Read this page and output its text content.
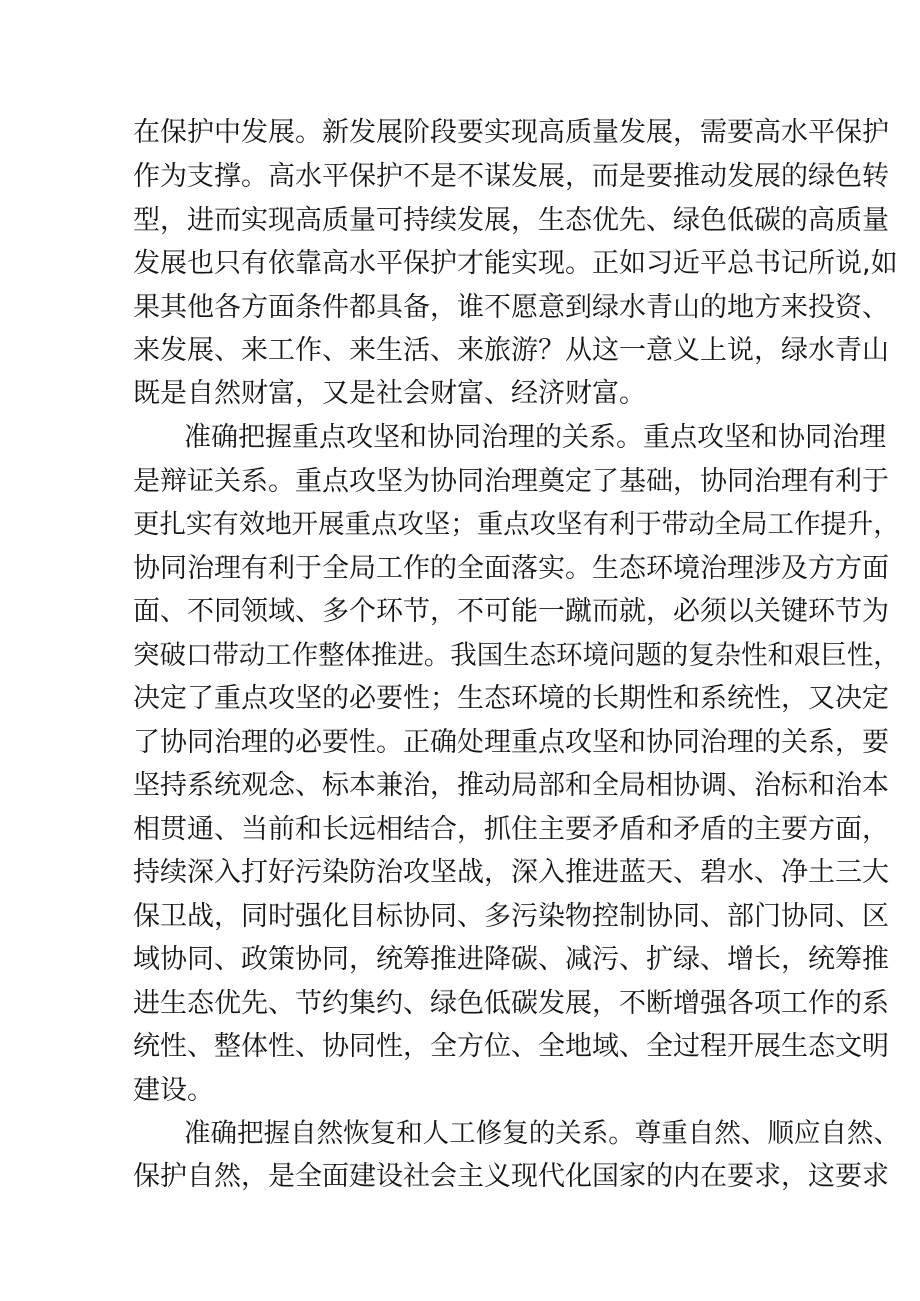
在保护中发展。新发展阶段要实现高质量发展，需要高水平保护
作为支撑。高水平保护不是不谋发展，而是要推动发展的绿色转
型，进而实现高质量可持续发展，生态优先、绿色低碳的高质量
发展也只有依靠高水平保护才能实现。正如习近平总书记所说,如
果其他各方面条件都具备，谁不愿意到绿水青山的地方来投资、
来发展、来工作、来生活、来旅游？从这一意义上说，绿水青山
既是自然财富，又是社会财富、经济财富。
准确把握重点攻坚和协同治理的关系。重点攻坚和协同治理
是辩证关系。重点攻坚为协同治理奠定了基础，协同治理有利于
更扎实有效地开展重点攻坚；重点攻坚有利于带动全局工作提升，
协同治理有利于全局工作的全面落实。生态环境治理涉及方方面
面、不同领域、多个环节，不可能一蹴而就，必须以关键环节为
突破口带动工作整体推进。我国生态环境问题的复杂性和艰巨性，
决定了重点攻坚的必要性；生态环境的长期性和系统性，又决定
了协同治理的必要性。正确处理重点攻坚和协同治理的关系，要
坚持系统观念、标本兼治，推动局部和全局相协调、治标和治本
相贯通、当前和长远相结合，抓住主要矛盾和矛盾的主要方面，
持续深入打好污染防治攻坚战，深入推进蓝天、碧水、净土三大
保卫战，同时强化目标协同、多污染物控制协同、部门协同、区
域协同、政策协同，统筹推进降碳、减污、扩绿、增长，统筹推
进生态优先、节约集约、绿色低碳发展，不断增强各项工作的系
统性、整体性、协同性，全方位、全地域、全过程开展生态文明
建设。
准确把握自然恢复和人工修复的关系。尊重自然、顺应自然、
保护自然，是全面建设社会主义现代化国家的内在要求，这要求
